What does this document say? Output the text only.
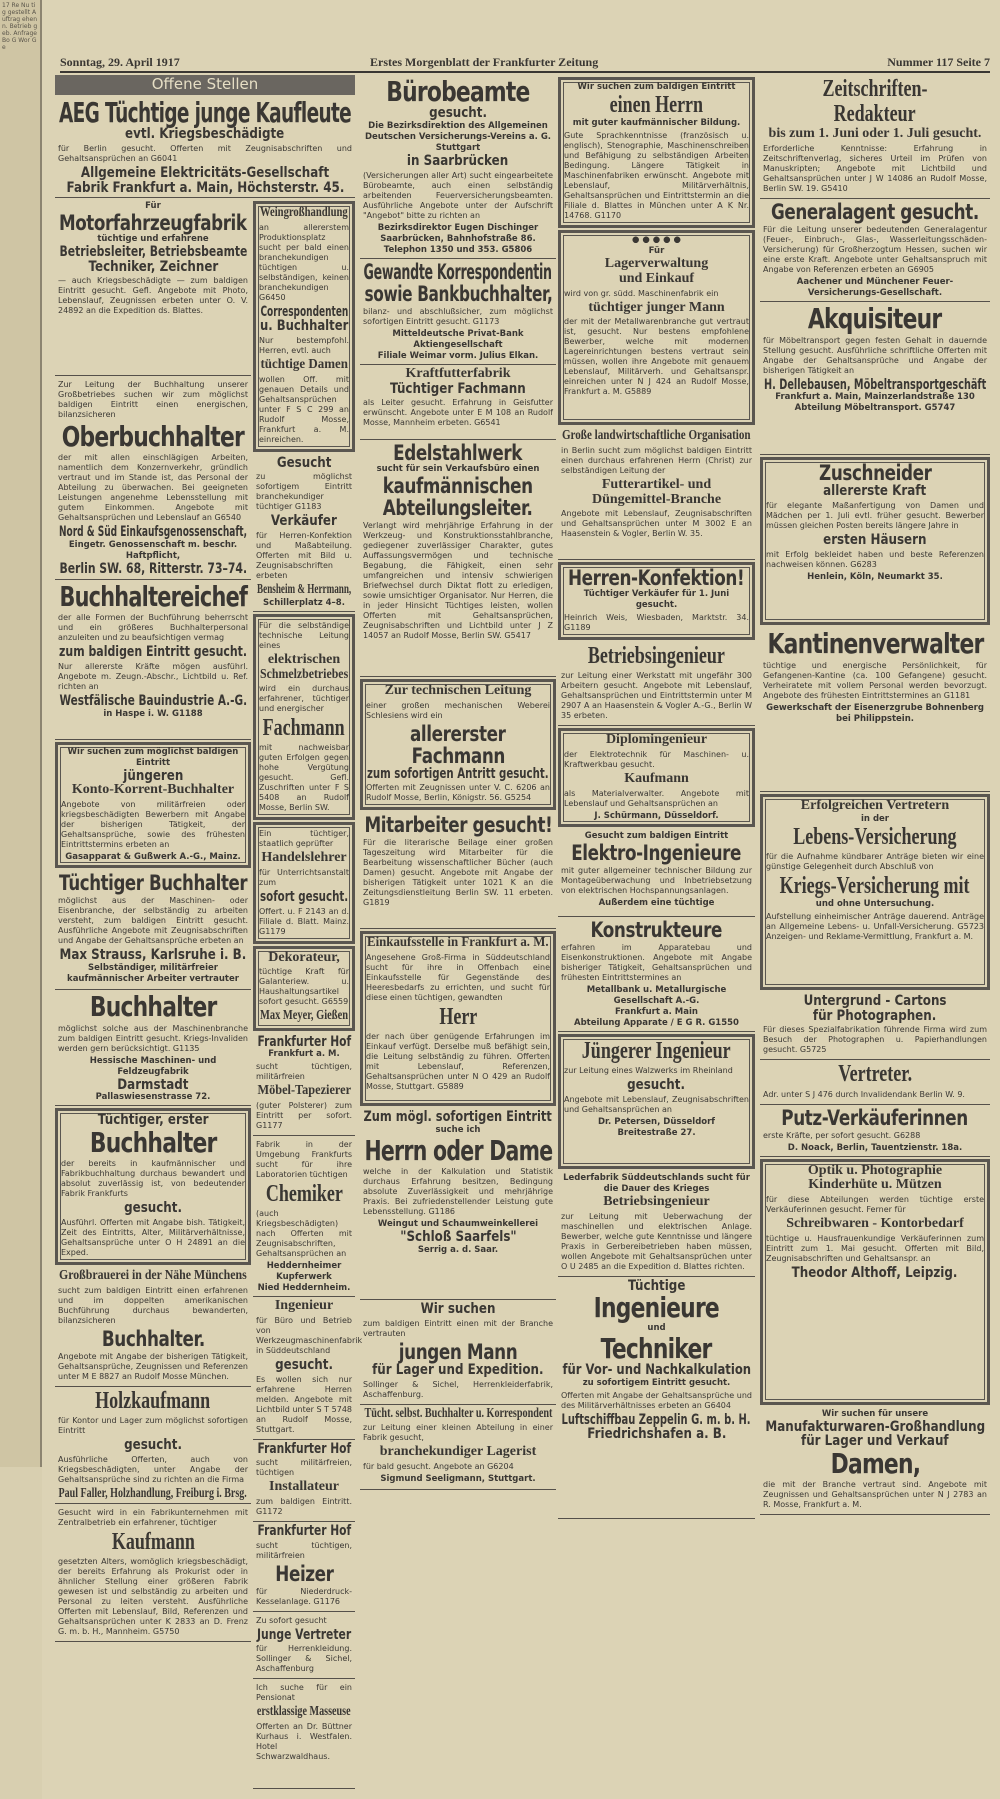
17 Re Nu tig gestellt Auftrag ehen n. Betrieb geb. Anfrage Bo G Wor Ge
Sonntag, 29. April 1917	Erstes Morgenblatt der Frankfurter Zeitung	Nummer 117 Seite 7
Offene Stellen
AEG Tüchtige junge Kaufleute
evtl. Kriegsbeschädigte
für Berlin gesucht. Offerten mit Zeugnisabschriften und Gehaltsansprüchen an G6041
Allgemeine Elektricitäts-Gesellschaft
Fabrik Frankfurt a. Main, Höchsterstr. 45.
Für
Motorfahrzeugfabrik
tüchtige und erfahrene
Betriebsleiter, Betriebsbeamte
Techniker, Zeichner
— auch Kriegsbeschädigte — zum baldigen Eintritt gesucht. Gefl. Angebote mit Photo, Lebenslauf, Zeugnissen erbeten unter O. V. 24892 an die Expedition ds. Blattes.
Zur Leitung der Buchhaltung unserer Großbetriebes suchen wir zum möglichst baldigen Eintritt einen energischen, bilanzsicheren
Oberbuchhalter
der mit allen einschlägigen Arbeiten, namentlich dem Konzernverkehr, gründlich vertraut und im Stande ist, das Personal der Abteilung zu überwachen. Bei geeigneten Leistungen angenehme Lebensstellung mit gutem Einkommen. Angebote mit Gehaltsansprüchen und Lebenslauf an G6540
Nord & Süd Einkaufsgenossenschaft,
Eingetr. Genossenschaft m. beschr. Haftpflicht,
Berlin SW. 68, Ritterstr. 73–74.
Buchhaltereichef
der alle Formen der Buchführung beherrscht und ein größeres Buchhalterpersonal anzuleiten und zu beaufsichtigen vermag
zum baldigen Eintritt gesucht.
Nur allererste Kräfte mögen ausführl. Angebote m. Zeugn.-Abschr., Lichtbild u. Ref. richten an
Westfälische Bauindustrie A.-G.
in Haspe i. W. G1188
Wir suchen zum möglichst baldigen Eintritt
jüngeren
Konto-Korrent-Buchhalter
Angebote von militärfreien oder kriegsbeschädigten Bewerbern mit Angabe der bisherigen Tätigkeit, der Gehaltsansprüche, sowie des frühesten Eintrittstermins erbeten an
Gasapparat & Gußwerk A.-G., Mainz.
Tüchtiger Buchhalter
möglichst aus der Maschinen- oder Eisenbranche, der selbständig zu arbeiten versteht, zum baldigen Eintritt gesucht. Ausführliche Angebote mit Zeugnisabschriften und Angabe der Gehaltsansprüche erbeten an
Max Strauss, Karlsruhe i. B.
Selbständiger, militärfreier kaufmännischer Arbeiter vertrauter
Buchhalter
möglichst solche aus der Maschinenbranche zum baldigen Eintritt gesucht. Kriegs-Invaliden werden gern berücksichtigt. G1135
Hessische Maschinen- und Feldzeugfabrik
Darmstadt
Pallaswiesenstrasse 72.
Tüchtiger, erster
Buchhalter
der bereits in kaufmännischer und Fabrikbuchhaltung durchaus bewandert und absolut zuverlässig ist, von bedeutender Fabrik Frankfurts
gesucht.
Ausführl. Offerten mit Angabe bish. Tätigkeit, Zeit des Eintritts, Alter, Militärverhältnisse, Gehaltsansprüche unter O H 24891 an die Exped.
Großbrauerei in der Nähe Münchens
sucht zum baldigen Eintritt einen erfahrenen und im doppelten amerikanischen Buchführung durchaus bewanderten, bilanzsicheren
Buchhalter.
Angebote mit Angabe der bisherigen Tätigkeit, Gehaltsansprüche, Zeugnissen und Referenzen unter M E 8827 an Rudolf Mosse München.
Holzkaufmann
für Kontor und Lager zum möglichst sofortigen Eintritt
gesucht.
Ausführliche Offerten, auch von Kriegsbeschädigten, unter Angabe der Gehaltsansprüche sind zu richten an die Firma
Paul Faller, Holzhandlung, Freiburg i. Brsg.
Gesucht wird in ein Fabrikunternehmen mit Zentralbetrieb ein erfahrener, tüchtiger
Kaufmann
gesetzten Alters, womöglich kriegsbeschädigt, der bereits Erfahrung als Prokurist oder in ähnlicher Stellung einer größeren Fabrik gewesen ist und selbständig zu arbeiten und Personal zu leiten versteht. Ausführliche Offerten mit Lebenslauf, Bild, Referenzen und Gehaltsansprüchen unter K 2833 an D. Frenz G. m. b. H., Mannheim. G5750
Weingroßhandlung
an allererstem Produktionsplatz sucht per bald einen branchekundigen tüchtigen u. selbständigen, keinen branchekundigen G6450
Correspondenten
u. Buchhalter
Nur bestempfohl. Herren, evtl. auch
tüchtige Damen
wollen Off. mit genauen Details und Gehaltsansprüchen unter F S C 299 an Rudolf Mosse, Frankfurt a. M. einreichen.
Gesucht
zu möglichst sofortigem Eintritt branchekundiger tüchtiger G1183
Verkäufer
für Herren-Konfektion und Maßabteilung. Offerten mit Bild u. Zeugnisabschriften erbeten
Bensheim & Herrmann,
Schillerplatz 4–8.
Für die selbständige technische Leitung eines
elektrischen
Schmelzbetriebes
wird ein durchaus erfahrener, tüchtiger und energischer
Fachmann
mit nachweisbar guten Erfolgen gegen hohe Vergütung gesucht. Gefl. Zuschriften unter F S 5408 an Rudolf Mosse, Berlin SW.
Ein tüchtiger, staatlich geprüfter
Handelslehrer
für Unterrichtsanstalt zum
sofort gesucht.
Offert. u. F 2143 an d. Filiale d. Blatt. Mainz. G1179
Dekorateur,
tüchtige Kraft für Galanteriew. u. Haushaltungsartikel sofort gesucht. G6559
Max Meyer, Gießen
Frankfurter Hof
Frankfurt a. M.
sucht tüchtigen, militärfreien
Möbel-Tapezierer
(guter Polsterer) zum Eintritt per sofort. G1177
Fabrik in der Umgebung Frankfurts sucht für ihre Laboratorien tüchtigen
Chemiker
(auch Kriegsbeschädigten) nach Offerten mit Zeugnisabschriften, Gehaltsansprüchen an
Heddernheimer Kupferwerk
Nied Heddernheim.
Ingenieur
für Büro und Betrieb von Werkzeugmaschinenfabrik in Süddeutschland
gesucht.
Es wollen sich nur erfahrene Herren melden. Angebote mit Lichtbild unter S T 5748 an Rudolf Mosse, Stuttgart.
Frankfurter Hof
sucht militärfreien, tüchtigen
Installateur
zum baldigen Eintritt. G1172
Frankfurter Hof
sucht tüchtigen, militärfreien
Heizer
für Niederdruck-Kesselanlage. G1176
Zu sofort gesucht
Junge Vertreter
für Herrenkleidung. Sollinger & Sichel, Aschaffenburg
Ich suche für ein Pensionat
erstklassige Masseuse
Offerten an Dr. Büttner Kurhaus i. Westfalen. Hotel Schwarzwaldhaus.
Bürobeamte
gesucht.
Die Bezirksdirektion des Allgemeinen Deutschen Versicherungs-Vereins a. G. Stuttgart
in Saarbrücken
(Versicherungen aller Art) sucht eingearbeitete Bürobeamte, auch einen selbständig arbeitenden Feuerversicherungsbeamten. Ausführliche Angebote unter der Aufschrift "Angebot" bitte zu richten an
Bezirksdirektor Eugen Dischinger
Saarbrücken, Bahnhofstraße 86.
Telephon 1350 und 353. G5806
Gewandte Korrespondentin
sowie Bankbuchhalter,
bilanz- und abschlußsicher, zum möglichst sofortigen Eintritt gesucht. G1173
Mitteldeutsche Privat-Bank Aktiengesellschaft
Filiale Weimar vorm. Julius Elkan.
Kraftfutterfabrik
Tüchtiger Fachmann
als Leiter gesucht. Erfahrung in Geisfutter erwünscht. Angebote unter E M 108 an Rudolf Mosse, Mannheim erbeten. G6541
Edelstahlwerk
sucht für sein Verkaufsbüro einen
kaufmännischen
Abteilungsleiter.
Verlangt wird mehrjährige Erfahrung in der Werkzeug- und Konstruktionsstahlbranche, gediegener zuverlässiger Charakter, gutes Auffassungsvermögen und technische Begabung, die Fähigkeit, einen sehr umfangreichen und intensiv schwierigen Briefwechsel durch Diktat flott zu erledigen, sowie umsichtiger Organisator. Nur Herren, die in jeder Hinsicht Tüchtiges leisten, wollen Offerten mit Gehaltsansprüchen, Zeugnisabschriften und Lichtbild unter J Z 14057 an Rudolf Mosse, Berlin SW. G5417
Zur technischen Leitung
einer großen mechanischen Weberei Schlesiens wird ein
allererster
Fachmann
zum sofortigen Antritt gesucht.
Offerten mit Zeugnissen unter V. C. 6206 an Rudolf Mosse, Berlin, Königstr. 56. G5254
Mitarbeiter gesucht!
Für die literarische Beilage einer großen Tageszeitung wird Mitarbeiter für die Bearbeitung wissenschaftlicher Bücher (auch Damen) gesucht. Angebote mit Angabe der bisherigen Tätigkeit unter 1021 K an die Zeitungsdienstleitung Berlin SW. 11 erbeten. G1819
Einkaufsstelle in Frankfurt a. M.
Angesehene Groß-Firma in Süddeutschland sucht für ihre in Offenbach eine Einkaufsstelle für Gegenstände des Heeresbedarfs zu errichten, und sucht für diese einen tüchtigen, gewandten
Herr
der nach über genügende Erfahrungen im Einkauf verfügt. Derselbe muß befähigt sein, die Leitung selbständig zu führen. Offerten mit Lebenslauf, Referenzen, Gehaltsansprüchen unter N O 429 an Rudolf Mosse, Stuttgart. G5889
Zum mögl. sofortigen Eintritt
suche ich
Herrn oder Dame
welche in der Kalkulation und Statistik durchaus Erfahrung besitzen, Bedingung absolute Zuverlässigkeit und mehrjährige Praxis. Bei zufriedenstellender Leistung gute Lebensstellung. G1186
Weingut und Schaumweinkellerei
"Schloß Saarfels"
Serrig a. d. Saar.
Wir suchen
zum baldigen Eintritt einen mit der Branche vertrauten
jungen Mann
für Lager und Expedition.
Sollinger & Sichel, Herrenkleiderfabrik, Aschaffenburg.
Tücht. selbst. Buchhalter u. Korrespondent
zur Leitung einer kleinen Abteilung in einer Fabrik gesucht,
branchekundiger Lagerist
für bald gesucht. Angebote an G6204
Sigmund Seeligmann, Stuttgart.
Wir suchen zum baldigen Eintritt
einen Herrn
mit guter kaufmännischer Bildung.
Gute Sprachkenntnisse (französisch u. englisch), Stenographie, Maschinenschreiben und Befähigung zu selbständigen Arbeiten Bedingung. Längere Tätigkeit in Maschinenfabriken erwünscht. Angebote mit Lebenslauf, Militärverhältnis, Gehaltsansprüchen und Eintrittstermin an die Filiale d. Blattes in München unter A K Nr. 14768. G1170
● ● ● ● ●
Für
Lagerverwaltung
und Einkauf
wird von gr. südd. Maschinenfabrik ein
tüchtiger junger Mann
der mit der Metallwarenbranche gut vertraut ist, gesucht. Nur bestens empfohlene Bewerber, welche mit modernen Lagereinrichtungen bestens vertraut sein müssen, wollen ihre Angebote mit genauem Lebenslauf, Militärverh. und Gehaltsanspr. einreichen unter N J 424 an Rudolf Mosse, Frankfurt a. M. G5889
Große landwirtschaftliche Organisation
in Berlin sucht zum möglichst baldigen Eintritt einen durchaus erfahrenen Herrn (Christ) zur selbständigen Leitung der
Futterartikel- und
Düngemittel-Branche
Angebote mit Lebenslauf, Zeugnisabschriften und Gehaltsansprüchen unter M 3002 E an Haasenstein & Vogler, Berlin W. 35.
Herren-Konfektion!
Tüchtiger Verkäufer für 1. Juni gesucht.
Heinrich Weis, Wiesbaden, Marktstr. 34. G1189
Betriebsingenieur
zur Leitung einer Werkstatt mit ungefähr 300 Arbeitern gesucht. Angebote mit Lebenslauf, Gehaltsansprüchen und Eintrittstermin unter M 2907 A an Haasenstein & Vogler A.-G., Berlin W 35 erbeten.
Diplomingenieur
der Elektrotechnik für Maschinen- u. Kraftwerkbau gesucht.
Kaufmann
als Materialverwalter. Angebote mit Lebenslauf und Gehaltsansprüchen an
J. Schürmann, Düsseldorf.
Gesucht zum baldigen Eintritt
Elektro-Ingenieure
mit guter allgemeiner technischer Bildung zur Montageüberwachung und Inbetriebsetzung von elektrischen Hochspannungsanlagen.
Außerdem eine tüchtige
Konstrukteure
erfahren im Apparatebau und Eisenkonstruktionen. Angebote mit Angabe bisheriger Tätigkeit, Gehaltsansprüchen und frühesten Eintrittstermines an
Metallbank u. Metallurgische Gesellschaft A.-G.
Frankfurt a. Main
Abteilung Apparate / E G R. G1550
Jüngerer Ingenieur
zur Leitung eines Walzwerks im Rheinland
gesucht.
Angebote mit Lebenslauf, Zeugnisabschriften und Gehaltsansprüchen an
Dr. Petersen, Düsseldorf
Breitestraße 27.
Lederfabrik Süddeutschlands sucht für die Dauer des Krieges
Betriebsingenieur
zur Leitung mit Ueberwachung der maschinellen und elektrischen Anlage. Bewerber, welche gute Kenntnisse und längere Praxis in Gerbereibetrieben haben müssen, wollen Angebote mit Gehaltsansprüchen unter O U 2485 an die Expedition d. Blattes richten.
Tüchtige
Ingenieure
und
Techniker
für Vor- und Nachkalkulation
zu sofortigem Eintritt gesucht.
Offerten mit Angabe der Gehaltsansprüche und des Militärverhältnisses erbeten an G6404
Luftschiffbau Zeppelin G. m. b. H.
Friedrichshafen a. B.
Zeitschriften-
Redakteur
bis zum 1. Juni oder 1. Juli gesucht.
Erforderliche Kenntnisse: Erfahrung in Zeitschriftenverlag, sicheres Urteil im Prüfen von Manuskripten; Angebote mit Lichtbild und Gehaltsansprüchen unter J W 14086 an Rudolf Mosse, Berlin SW. 19. G5410
Generalagent gesucht.
Für die Leitung unserer bedeutenden Generalagentur (Feuer-, Einbruch-, Glas-, Wasserleitungsschäden-Versicherung) für Großherzogtum Hessen, suchen wir eine erste Kraft. Angebote unter Gehaltsanspruch mit Angabe von Referenzen erbeten an G6905
Aachener und Münchener Feuer-Versicherungs-Gesellschaft.
Akquisiteur
für Möbeltransport gegen festen Gehalt in dauernde Stellung gesucht. Ausführliche schriftliche Offerten mit Angabe der Gehaltsansprüche und Angabe der bisherigen Tätigkeit an
H. Dellebausen, Möbeltransportgeschäft
Frankfurt a. Main, Mainzerlandstraße 130
Abteilung Möbeltransport. G5747
Zuschneider
allererste Kraft
für elegante Maßanfertigung von Damen und Mädchen per 1. Juli evtl. früher gesucht. Bewerber müssen gleichen Posten bereits längere Jahre in
ersten Häusern
mit Erfolg bekleidet haben und beste Referenzen nachweisen können. G6283
Henlein, Köln, Neumarkt 35.
Kantinenverwalter
tüchtige und energische Persönlichkeit, für Gefangenen-Kantine (ca. 100 Gefangene) gesucht. Verheiratete mit vollem Personal werden bevorzugt. Angebote des frühesten Eintrittstermines an G1181
Gewerkschaft der Eisenerzgrube Bohnenberg
bei Philippstein.
Erfolgreichen Vertretern
in der
Lebens-Versicherung
für die Aufnahme kündbarer Anträge bieten wir eine günstige Gelegenheit durch Abschluß von
Kriegs-Versicherung mit
und ohne Untersuchung.
Aufstellung einheimischer Anträge dauerend. Anträge an Allgemeine Lebens- u. Unfall-Versicherung. G5723 Anzeigen- und Reklame-Vermittlung, Frankfurt a. M.
Untergrund - Cartons
für Photographen.
Für dieses Spezialfabrikation führende Firma wird zum Besuch der Photographen u. Papierhandlungen gesucht. G5725
Vertreter.
Adr. unter S J 476 durch Invalidendank Berlin W. 9.
Putz-Verkäuferinnen
erste Kräfte, per sofort gesucht. G6288
D. Noack, Berlin, Tauentzienstr. 18a.
Optik u. Photographie
Kinderhüte u. Mützen
für diese Abteilungen werden tüchtige erste Verkäuferinnen gesucht. Ferner für
Schreibwaren - Kontorbedarf
tüchtige u. Hausfrauenkundige Verkäuferinnen zum Eintritt zum 1. Mai gesucht. Offerten mit Bild, Zeugnisabschriften und Gehaltsanspr. an
Theodor Althoff, Leipzig.
Wir suchen für unsere
Manufakturwaren-Großhandlung
für Lager und Verkauf
Damen,
die mit der Branche vertraut sind. Angebote mit Zeugnissen und Gehaltsansprüchen unter N J 2783 an R. Mosse, Frankfurt a. M.
